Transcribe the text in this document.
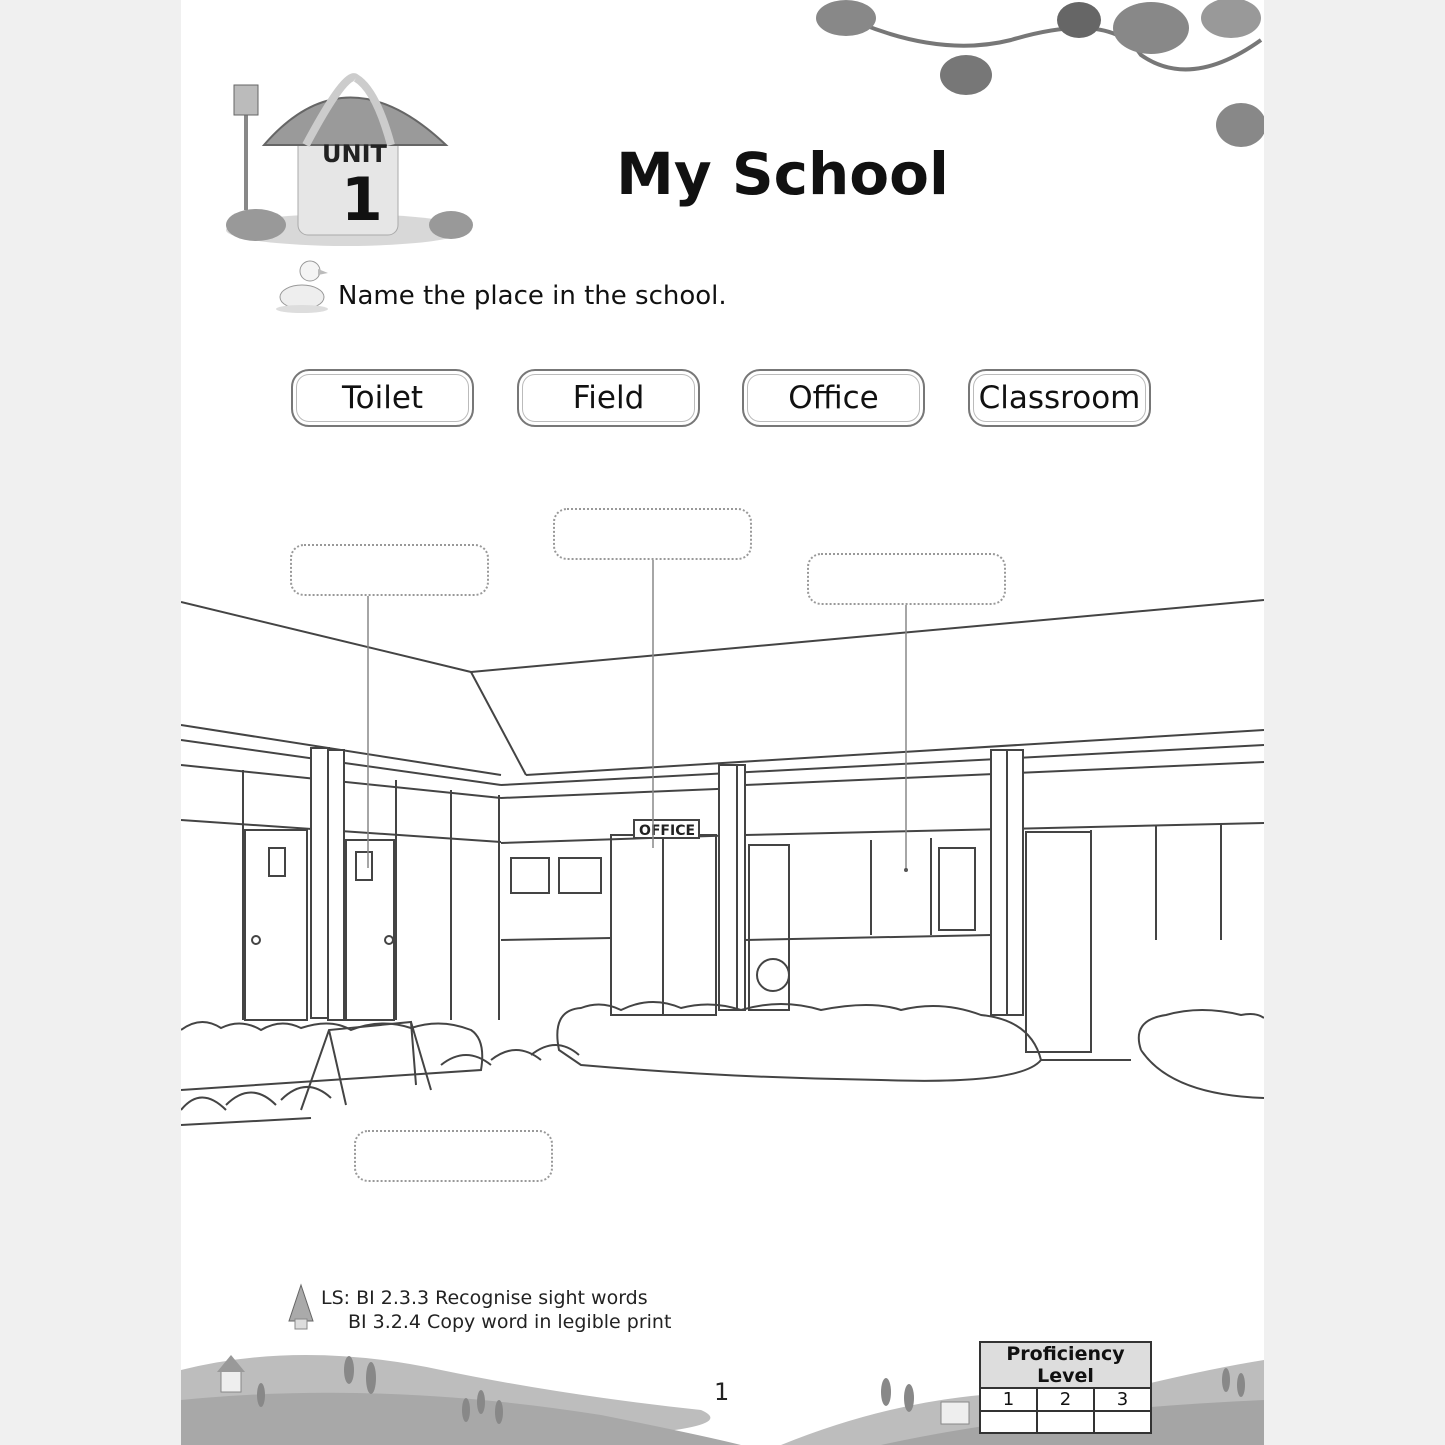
UNIT
1	My School
Name the place in the school.
Toilet	Field	Office	Classroom
OFFICE
LS: BI 2.3.3 Recognise sight words
BI 3.2.4 Copy word in legible print
1
Proficiency Level		
1	2	3
